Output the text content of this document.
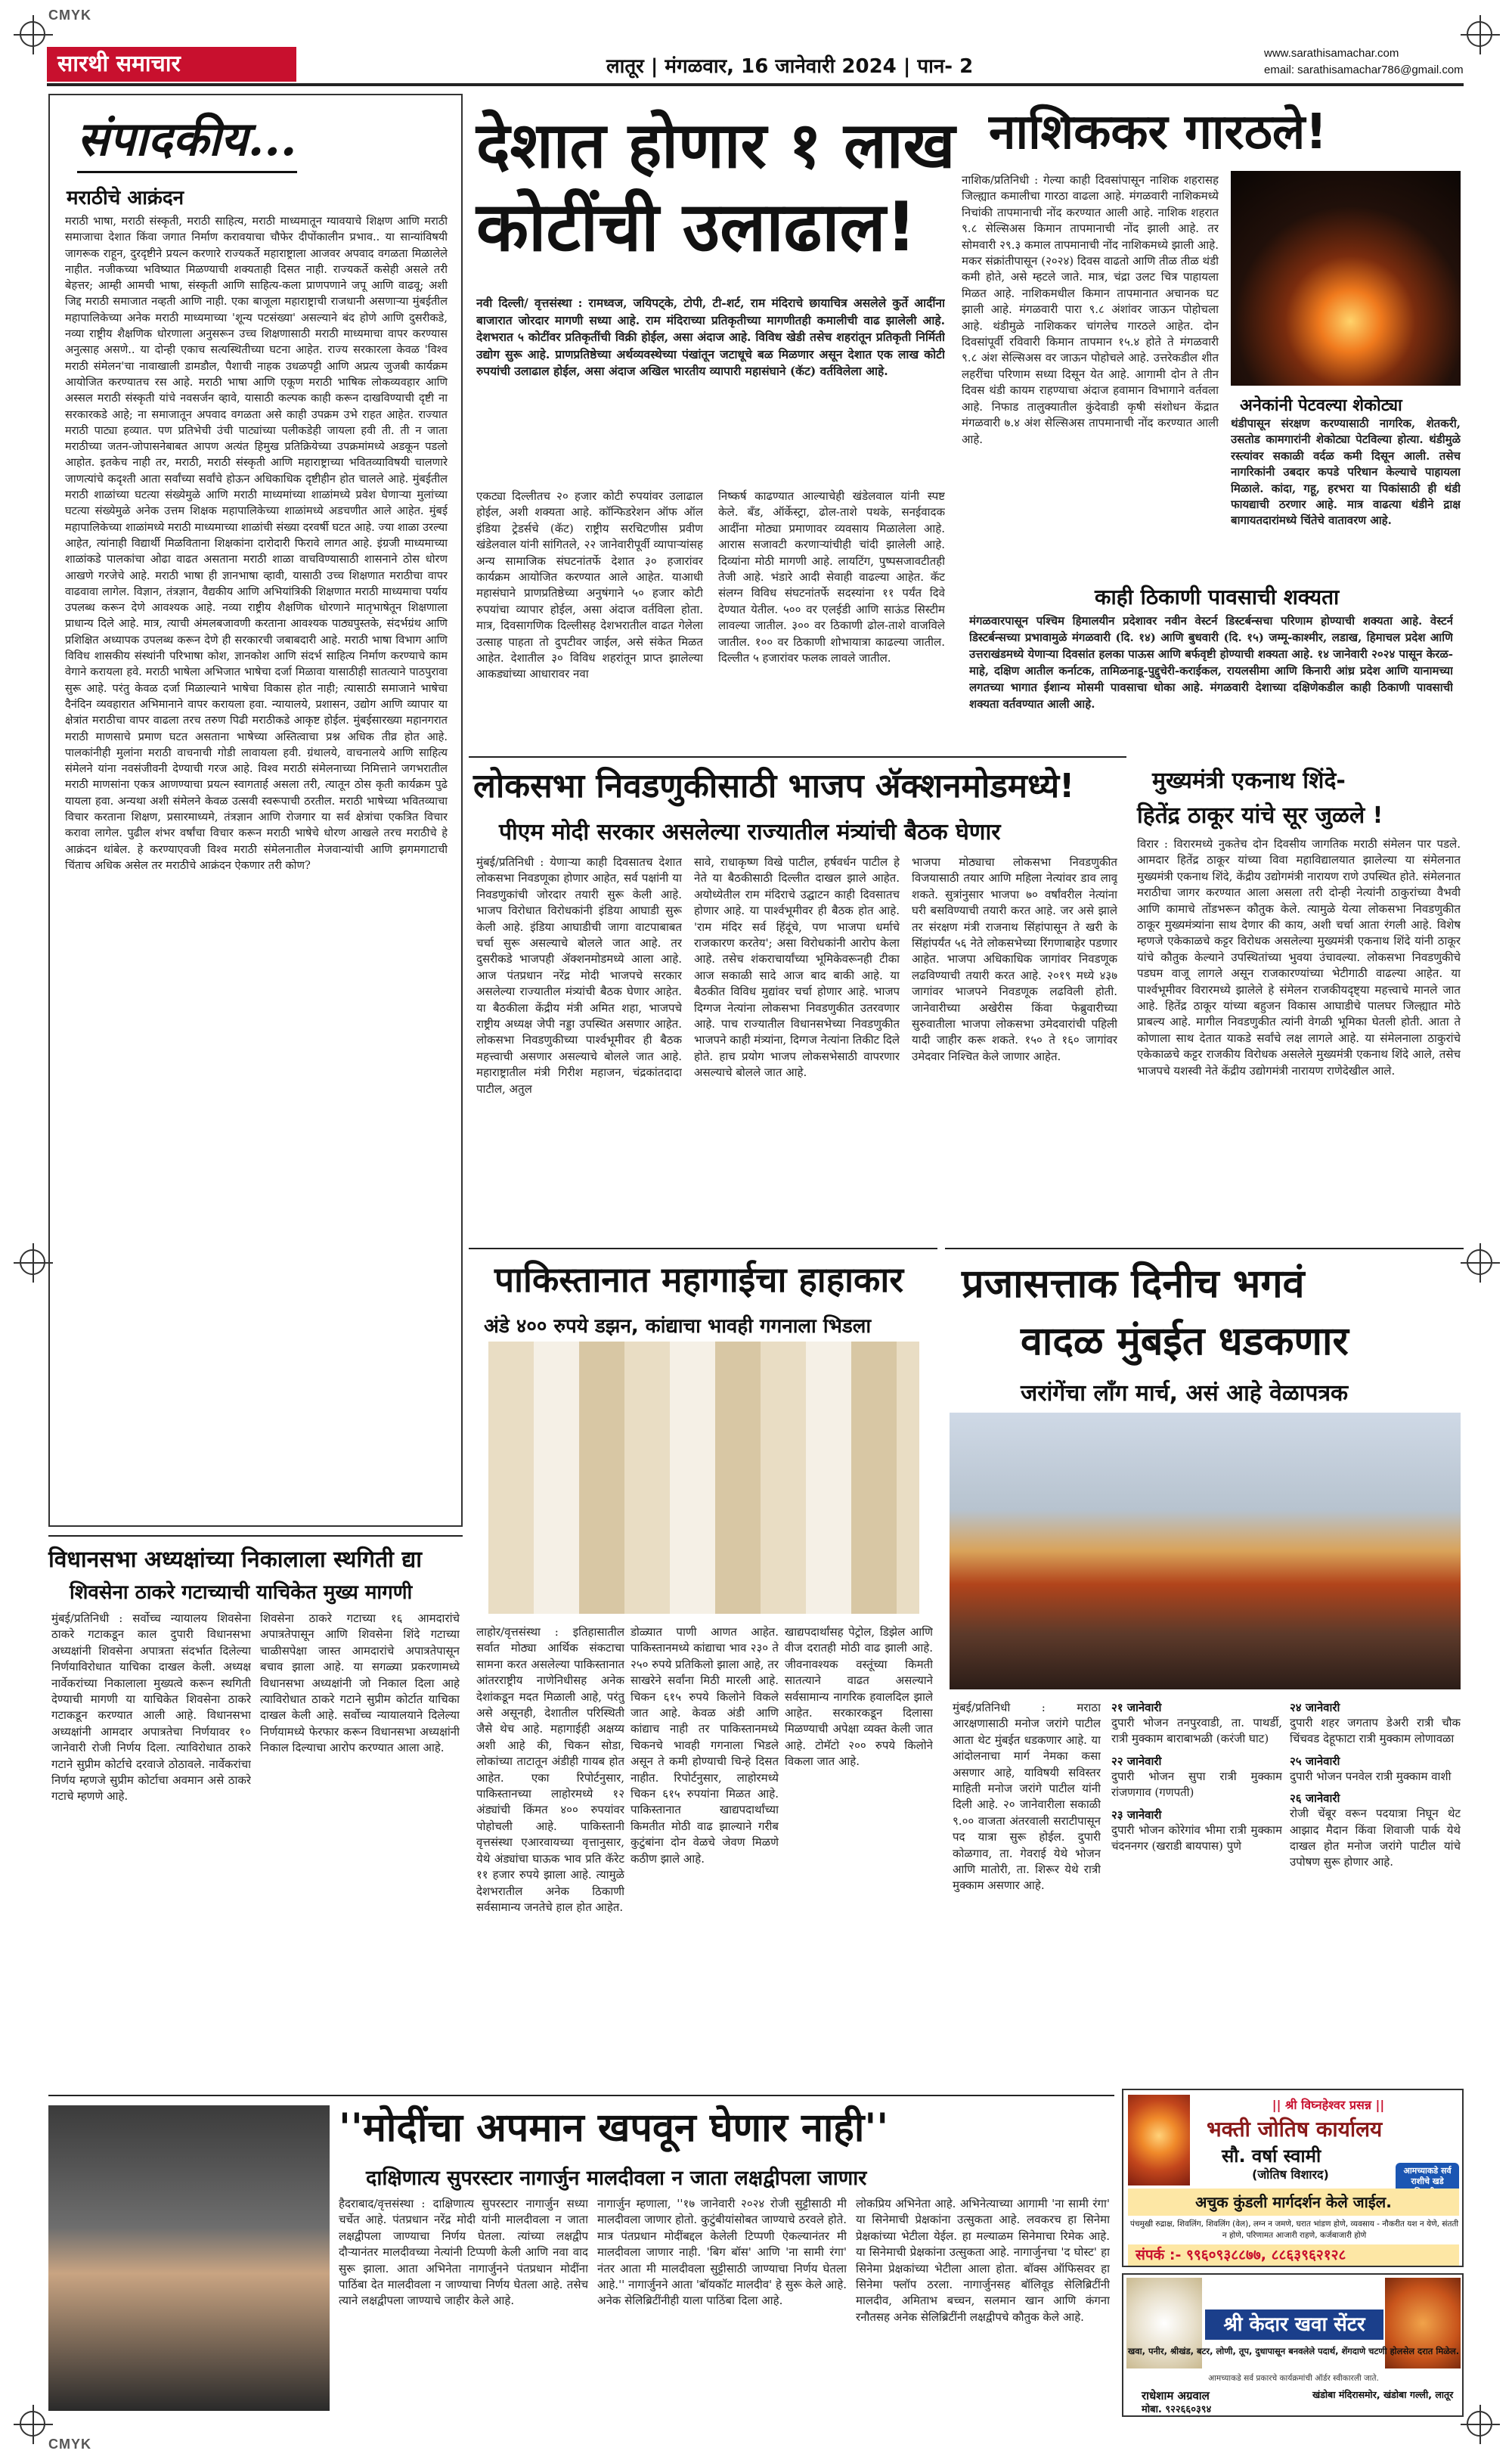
CMYK
CMYK
सारथी समाचार	लातूर | मंगळवार, 16 जानेवारी 2024 | पान- 2
www.sarathisamachar.com
email: sarathisamachar786@gmail.com
संपादकीय...
मराठीचे आक्रंदन
मराठी भाषा, मराठी संस्कृती, मराठी साहित्य, मराठी माध्यमातून ग्यावयाचे शिक्षण आणि मराठी समाजाचा देशात किंवा जगात निर्माण करावयाचा चौफेर दीपोंकालीन प्रभाव.. या सान्यांविषयी जागरूक राहून, दुरदृष्टीने प्रयत्न करणारे राज्यकर्ते महाराष्ट्राला आजवर अपवाद वगळता मिळालेले नाहीत. नजीकच्या भविष्यात मिळण्याची शक्यताही दिसत नाही. राज्यकर्ते कसेही असले तरी बेहत्तर; आम्ही आमची भाषा, संस्कृती आणि साहित्य-कला प्राणपणाने जपू आणि वाढवू; अशी जिद्द मराठी समाजात नव्हती आणि नाही. एका बाजूला महाराष्ट्राची राजधानी असणाऱ्या मुंबईतील महापालिकेच्या अनेक मराठी माध्यमाच्या 'शून्य पटसंख्या' असल्याने बंद होणे आणि दुसरीकडे, नव्या राष्ट्रीय शैक्षणिक धोरणाला अनुसरून उच्च शिक्षणासाठी मराठी माध्यमाचा वापर करण्यास अनुत्साह असणे.. या दोन्ही एकाच सत्यस्थितीच्या घटना आहेत. राज्य सरकारला केवळ 'विश्व मराठी संमेलन'चा नावाखाली डामडौल, पैशाची नाहक उधळपट्टी आणि अप्रत्य जुजबी कार्यक्रम आयोजित करण्यातच रस आहे. मराठी भाषा आणि एकूण मराठी भाषिक लोकव्यवहार आणि अस्सल मराठी संस्कृती यांचे नवसर्जन व्हावे, यासाठी कल्पक काही करून दाखविण्याची दृष्टी ना सरकारकडे आहे; ना समाजातून अपवाद वगळता असे काही उपक्रम उभे राहत आहेत. राज्यात मराठी पाट्या हव्यात. पण प्रतिभेची उंची पाट्यांच्या पलीकडेही जायला हवी ती. ती न जाता मराठीच्या जतन-जोपासनेबाबत आपण अत्यंत हिमुख प्रतिक्रियेच्या उपक्रमांमध्ये अडकून पडलो आहोत. इतकेच नाही तर, मराठी, मराठी संस्कृती आणि महाराष्ट्राच्या भवितव्याविषयी चालणारे जाणत्यांचे कदृश्ती आता सर्वांच्या सर्वांचे होऊन अधिकाधिक दृष्टीहीन होत चालले आहे. मुंबईतील मराठी शाळांच्या घटत्या संख्येमुळे आणि मराठी माध्यमांच्या शाळांमध्ये प्रवेश घेणाऱ्या मुलांच्या घटत्या संख्येमुळे अनेक उत्तम शिक्षक महापालिकेच्या शाळांमध्ये अडचणीत आले आहेत. मुंबई महापालिकेच्या शाळांमध्ये मराठी माध्यमाच्या शाळांची संख्या दरवर्षी घटत आहे. ज्या शाळा उरल्या आहेत, त्यांनाही विद्यार्थी मिळविताना शिक्षकांना दारोदारी फिरावे लागत आहे. इंग्रजी माध्यमाच्या शाळांकडे पालकांचा ओढा वाढत असताना मराठी शाळा वाचविण्यासाठी शासनाने ठोस धोरण आखणे गरजेचे आहे. मराठी भाषा ही ज्ञानभाषा व्हावी, यासाठी उच्च शिक्षणात मराठीचा वापर वाढवावा लागेल. विज्ञान, तंत्रज्ञान, वैद्यकीय आणि अभियांत्रिकी शिक्षणात मराठी माध्यमाचा पर्याय उपलब्ध करून देणे आवश्यक आहे. नव्या राष्ट्रीय शैक्षणिक धोरणाने मातृभाषेतून शिक्षणाला प्राधान्य दिले आहे. मात्र, त्याची अंमलबजावणी करताना आवश्यक पाठ्यपुस्तके, संदर्भग्रंथ आणि प्रशिक्षित अध्यापक उपलब्ध करून देणे ही सरकारची जबाबदारी आहे. मराठी भाषा विभाग आणि विविध शासकीय संस्थांनी परिभाषा कोश, ज्ञानकोश आणि संदर्भ साहित्य निर्माण करण्याचे काम वेगाने करायला हवे. मराठी भाषेला अभिजात भाषेचा दर्जा मिळावा यासाठीही सातत्याने पाठपुरावा सुरू आहे. परंतु केवळ दर्जा मिळाल्याने भाषेचा विकास होत नाही; त्यासाठी समाजाने भाषेचा दैनंदिन व्यवहारात अभिमानाने वापर करायला हवा. न्यायालये, प्रशासन, उद्योग आणि व्यापार या क्षेत्रांत मराठीचा वापर वाढला तरच तरुण पिढी मराठीकडे आकृष्ट होईल. मुंबईसारख्या महानगरात मराठी माणसाचे प्रमाण घटत असताना भाषेच्या अस्तित्वाचा प्रश्न अधिक तीव्र होत आहे. पालकांनीही मुलांना मराठी वाचनाची गोडी लावायला हवी. ग्रंथालये, वाचनालये आणि साहित्य संमेलने यांना नवसंजीवनी देण्याची गरज आहे. विश्व मराठी संमेलनाच्या निमित्ताने जगभरातील मराठी माणसांना एकत्र आणण्याचा प्रयत्न स्वागतार्ह असला तरी, त्यातून ठोस कृती कार्यक्रम पुढे यायला हवा. अन्यथा अशी संमेलने केवळ उत्सवी स्वरूपाची ठरतील. मराठी भाषेच्या भवितव्याचा विचार करताना शिक्षण, प्रसारमाध्यमे, तंत्रज्ञान आणि रोजगार या सर्व क्षेत्रांचा एकत्रित विचार करावा लागेल. पुढील शंभर वर्षांचा विचार करून मराठी भाषेचे धोरण आखले तरच मराठीचे हे आक्रंदन थांबेल. हे करण्याएवजी विश्व मराठी संमेलनातील मेजवान्यांची आणि झगमगाटाची चिंताच अधिक असेल तर मराठीचे आक्रंदन ऐकणार तरी कोण?
देशात होणार १ लाख
कोटींची उलाढाल!
नवी दिल्ली/ वृत्तसंस्था : रामध्वज, जयिपट्के, टोपी, टी-शर्ट, राम मंदिराचे छायाचित्र असलेले कुर्ते आदींना बाजारात जोरदार मागणी सध्या आहे. राम मंदिराच्या प्रतिकृतीच्या मागणीतही कमालीची वाढ झालेली आहे. देशभरात ५ कोटींवर प्रतिकृतींची विक्री होईल, असा अंदाज आहे. विविध खेडी तसेच शहरांतून प्रतिकृती निर्मिती उद्योग सुरू आहे. प्राणप्रतिष्ठेच्या अर्थव्यवस्थेच्या पंखांतून जटाधूचे बळ मिळणार असून देशात एक लाख कोटी रुपयांची उलाढाल होईल, असा अंदाज अखिल भारतीय व्यापारी महासंघाने (कॅट) वर्तविलेला आहे.
एकट्या दिल्लीतच २० हजार कोटी रुपयांवर उलाढाल होईल, अशी शक्यता आहे. कॉन्फिडरेशन ऑफ ऑल इंडिया ट्रेडर्सचे (कॅट) राष्ट्रीय सरचिटणीस प्रवीण खंडेलवाल यांनी सांगितले, २२ जानेवारीपूर्वी व्यापाऱ्यांसह अन्य सामाजिक संघटनांतर्फे देशात ३० हजारांवर कार्यक्रम आयोजित करण्यात आले आहेत. याआधी महासंघाने प्राणप्रतिष्ठेच्या अनुषंगाने ५० हजार कोटी रुपयांचा व्यापार होईल, असा अंदाज वर्तविला होता. मात्र, दिवसागणिक दिल्लीसह देशभरातील वाढत गेलेला उत्साह पाहता तो दुपटीवर जाईल, असे संकेत मिळत आहेत. देशातील ३० विविध शहरांतून प्राप्त झालेल्या आकड्यांच्या आधारावर नवा
निष्कर्ष काढण्यात आल्याचेही खंडेलवाल यांनी स्पष्ट केले. बँड, ऑर्केस्ट्रा, ढोल-ताशे पथके, सनईवादक आदींना मोठ्या प्रमाणावर व्यवसाय मिळालेला आहे. आरास सजावटी करणाऱ्यांचीही चांदी झालेली आहे. दिव्यांना मोठी मागणी आहे. लायटिंग, पुष्पसजावटीतही तेजी आहे. भंडारे आदी सेवाही वाढल्या आहेत. कॅट संलग्न विविध संघटनांतर्फे सदस्यांना ११ पर्यंत दिवे देण्यात येतील. ५०० वर एलईडी आणि साऊंड सिस्टीम लावल्या जातील. ३०० वर ठिकाणी ढोल-ताशे वाजविले जातील. १०० वर ठिकाणी शोभायात्रा काढल्या जातील. दिल्लीत ५ हजारांवर फलक लावले जातील.
नाशिककर गारठले!
नाशिक/प्रतिनिधी : गेल्या काही दिवसांपासून नाशिक शहरासह जिल्ह्यात कमालीचा गारठा वाढला आहे. मंगळवारी नाशिकमध्ये निचांकी तापमानाची नोंद करण्यात आली आहे. नाशिक शहरात ९.८ सेल्सिअस किमान तापमानाची नोंद झाली आहे. तर सोमवारी २९.३ कमाल तापमानाची नोंद नाशिकमध्ये झाली आहे. मकर संक्रांतीपासून (२०२४) दिवस वाढतो आणि तीळ तीळ थंडी कमी होते, असे म्हटले जाते. मात्र, चंद्रा उलट चित्र पाहायला मिळत आहे. नाशिकमधील किमान तापमानात अचानक घट झाली आहे. मंगळवारी पारा ९.८ अंशांवर जाऊन पोहोचला आहे. थंडीमुळे नाशिककर चांगलेच गारठले आहेत. दोन दिवसांपूर्वी रविवारी किमान तापमान १५.४ होते ते मंगळवारी ९.८ अंश सेल्सिअस वर जाऊन पोहोचले आहे. उत्तरेकडील शीत लहरींचा परिणाम सध्या दिसून येत आहे. आगामी दोन ते तीन दिवस थंडी कायम राहण्याचा अंदाज हवामान विभागाने वर्तवला आहे. निफाड तालुक्यातील कुंदेवाडी कृषी संशोधन केंद्रात मंगळवारी ७.४ अंश सेल्सिअस तापमानाची नोंद करण्यात आली आहे.
अनेकांनी पेटवल्या शेकोट्या
थंडीपासून संरक्षण करण्यासाठी नागरिक, शेतकरी, उसतोड कामगारांनी शेकोट्या पेटविल्या होत्या. थंडीमुळे रस्त्यांवर सकाळी वर्दळ कमी दिसून आली. तसेच नागरिकांनी उबदार कपडे परिधान केल्याचे पाहायला मिळाले. कांदा, गहू, हरभरा या पिकांसाठी ही थंडी फायद्याची ठरणार आहे. मात्र वाढत्या थंडीने द्राक्ष बागायतदारांमध्ये चिंतेचे वातावरण आहे.
काही ठिकाणी पावसाची शक्यता
मंगळवारपासून पश्चिम हिमालयीन प्रदेशावर नवीन वेस्टर्न डिस्टर्बन्सचा परिणाम होण्याची शक्यता आहे. वेस्टर्न डिस्टर्बन्सच्या प्रभावामुळे मंगळवारी (दि. १४) आणि बुधवारी (दि. १५) जम्मू-काश्मीर, लडाख, हिमाचल प्रदेश आणि उत्तराखंडमध्ये येणाऱ्या दिवसांत हलका पाऊस आणि बर्फवृष्टी होण्याची शक्यता आहे. १४ जानेवारी २०२४ पासून केरळ-माहे, दक्षिण आतील कर्नाटक, तामिळनाडू-पुद्दुचेरी-कराईकल, रायलसीमा आणि किनारी आंध्र प्रदेश आणि यानामच्या लगतच्या भागात ईशान्य मोसमी पावसाचा धोका आहे. मंगळवारी देशाच्या दक्षिणेकडील काही ठिकाणी पावसाची शक्यता वर्तवण्यात आली आहे.
लोकसभा निवडणुकीसाठी भाजप ॲक्शनमोडमध्ये!
पीएम मोदी सरकार असलेल्या राज्यातील मंत्र्यांची बैठक घेणार
मुंबई/प्रतिनिधी : येणाऱ्या काही दिवसातच देशात लोकसभा निवडणूका होणार आहेत, सर्व पक्षांनी या निवडणुकांची जोरदार तयारी सुरू केली आहे. भाजप विरोधात विरोधकांनी इंडिया आघाडी सुरू केली आहे. इंडिया आघाडीची जागा वाटपाबाबत चर्चा सुरू असल्याचे बोलले जात आहे. तर दुसरीकडे भाजपही ॲक्शनमोडमध्ये आला आहे. आज पंतप्रधान नरेंद्र मोदी भाजपचे सरकार असलेल्या राज्यातील मंत्र्यांची बैठक घेणार आहेत. या बैठकीला केंद्रीय मंत्री अमित शहा, भाजपचे राष्ट्रीय अध्यक्ष जेपी नड्डा उपस्थित असणार आहेत. लोकसभा निवडणुकीच्या पार्श्वभूमीवर ही बैठक महत्त्वाची असणार असल्याचे बोलले जात आहे. महाराष्ट्रातील मंत्री गिरीश महाजन, चंद्रकांतदादा पाटील, अतुल
सावे, राधाकृष्ण विखे पाटील, हर्षवर्धन पाटील हे नेते या बैठकीसाठी दिल्लीत दाखल झाले आहेत. अयोध्येतील राम मंदिराचे उद्घाटन काही दिवसातच होणार आहे. या पार्श्वभूमीवर ही बैठक होत आहे. 'राम मंदिर सर्व हिंदूंचे, पण भाजपा धर्माचे राजकारण करतेय'; असा विरोधकांनी आरोप केला आहे. तसेच शंकराचार्यांच्या भूमिकेवरूनही टीका आज सकाळी सादे आज बाद बाकी आहे. या बैठकीत विविध मुद्यांवर चर्चा होणार आहे. भाजप दिग्गज नेत्यांना लोकसभा निवडणुकीत उतरवणार आहे. पाच राज्यातील विधानसभेच्या निवडणुकीत भाजपने काही मंत्र्यांना, दिग्गज नेत्यांना तिकीट दिले होते. हाच प्रयोग भाजप लोकसभेसाठी वापरणार असल्याचे बोलले जात आहे.
भाजपा मोठ्याचा लोकसभा निवडणुकीत विजयासाठी तयार आणि महिला नेत्यांवर डाव लावू शकते. सुत्रांनुसार भाजपा ७० वर्षांवरील नेत्यांना घरी बसविण्याची तयारी करत आहे. जर असे झाले तर संरक्षण मंत्री राजनाथ सिंहांपासून ते खरी के सिंहांपर्यंत ५६ नेते लोकसभेच्या रिंगणाबाहेर पडणार आहेत. भाजपा अधिकाधिक जागांवर निवडणूक लढविण्याची तयारी करत आहे. २०१९ मध्ये ४३७ जागांवर भाजपने निवडणूक लढविली होती. जानेवारीच्या अखेरीस किंवा फेब्रुवारीच्या सुरुवातीला भाजपा लोकसभा उमेदवारांची पहिली यादी जाहीर करू शकते. १५० ते १६० जागांवर उमेदवार निश्चित केले जाणार आहेत.
मुख्यमंत्री एकनाथ शिंदे-
हितेंद्र ठाकूर यांचे सूर जुळले !
विरार : विरारमध्ये नुकतेच दोन दिवसीय जागतिक मराठी संमेलन पार पडले. आमदार हितेंद्र ठाकूर यांच्या विवा महाविद्यालयात झालेल्या या संमेलनात मुख्यमंत्री एकनाथ शिंदे, केंद्रीय उद्योगमंत्री नारायण राणे उपस्थित होते. संमेलनात मराठीचा जागर करण्यात आला असला तरी दोन्ही नेत्यांनी ठाकुरांच्या वैभवी आणि कामाचे तोंडभरून कौतुक केले. त्यामुळे येत्या लोकसभा निवडणुकीत ठाकूर मुख्यमंत्र्यांना साथ देणार की काय, अशी चर्चा आता रंगली आहे. विशेष म्हणजे एकेकाळचे कट्टर विरोधक असलेल्या मुख्यमंत्री एकनाथ शिंदे यांनी ठाकूर यांचे कौतुक केल्याने उपस्थितांच्या भुवया उंचावल्या. लोकसभा निवडणुकीचे पडघम वाजू लागले असून राजकारण्यांच्या भेटीगाठी वाढल्या आहेत. या पार्श्वभूमीवर विरारमध्ये झालेले हे संमेलन राजकीयदृष्ट्या महत्त्वाचे मानले जात आहे. हितेंद्र ठाकूर यांच्या बहुजन विकास आघाडीचे पालघर जिल्ह्यात मोठे प्राबल्य आहे. मागील निवडणुकीत त्यांनी वेगळी भूमिका घेतली होती. आता ते कोणाला साथ देतात याकडे सर्वांचे लक्ष लागले आहे. या संमेलनाला ठाकुरांचे एकेकाळचे कट्टर राजकीय विरोधक असलेले मुख्यमंत्री एकनाथ शिंदे आले, तसेच भाजपचे यशस्वी नेते केंद्रीय उद्योगमंत्री नारायण राणेदेखील आले.
पाकिस्तानात महागाईचा हाहाकार
अंडे ४०० रुपये डझन, कांद्याचा भावही गगनाला भिडला
लाहोर/वृत्तसंस्था : इतिहासातील सर्वात मोठ्या आर्थिक संकटाचा सामना करत असलेल्या पाकिस्तानात आंतरराष्ट्रीय नाणेनिधीसह अनेक देशांकडून मदत मिळाली आहे, परंतु असे असूनही, देशातील परिस्थिती जैसे थेच आहे. महागाईही अक्षय्य अशी आहे की, चिकन सोडा, लोकांच्या ताटातून अंडीही गायब होत आहेत. एका रिपोर्टनुसार, पाकिस्तानच्या लाहोरमध्ये १२ अंड्यांची किंमत ४०० रुपयांवर पोहोचली आहे. पाकिस्तानी वृत्तसंस्था एआरवायच्या वृत्तानुसार, येथे अंड्यांचा घाऊक भाव प्रति कॅरेट ११ हजार रुपये झाला आहे. त्यामुळे देशभरातील अनेक ठिकाणी सर्वसामान्य जनतेचे हाल होत आहेत.
डोळ्यात पाणी आणत आहेत. पाकिस्तानमध्ये कांद्याचा भाव २३० ते २५० रुपये प्रतिकिलो झाला आहे, तर साखरेने सर्वांना मिठी मारली आहे. चिकन ६१५ रुपये किलोने विकले जात आहे. केवळ अंडी आणि कांद्याच नाही तर पाकिस्तानमध्ये चिकनचे भावही गगनाला भिडले असून ते कमी होण्याची चिन्हे दिसत नाहीत. रिपोर्टनुसार, लाहोरमध्ये चिकन ६१५ रुपयांना मिळत आहे. पाकिस्तानात खाद्यपदार्थांच्या किमतीत मोठी वाढ झाल्याने गरीब कुटुंबांना दोन वेळचे जेवण मिळणे कठीण झाले आहे.
खाद्यपदार्थांसह पेट्रोल, डिझेल आणि वीज दरातही मोठी वाढ झाली आहे. जीवनावश्यक वस्तूंच्या किमती सातत्याने वाढत असल्याने सर्वसामान्य नागरिक हवालदिल झाले आहेत. सरकारकडून दिलासा मिळण्याची अपेक्षा व्यक्त केली जात आहे. टोमॅटो २०० रुपये किलोने विकला जात आहे.
प्रजासत्ताक दिनीच भगवं
वादळ मुंबईत धडकणार
जरांगेंचा लाँग मार्च, असं आहे वेळापत्रक
मुंबई/प्रतिनिधी : मराठा आरक्षणासाठी मनोज जरांगे पाटील आता थेट मुंबईत धडकणार आहे. या आंदोलनाचा मार्ग नेमका कसा असणार आहे, याविषयी सविस्तर माहिती मनोज जरांगे पाटील यांनी दिली आहे. २० जानेवारीला सकाळी ९.०० वाजता अंतरवाली सराटीपासून पद यात्रा सुरू होईल. दुपारी कोळगाव, ता. गेवराई येथे भोजन आणि मातोरी, ता. शिरूर येथे रात्री मुक्काम असणार आहे.
२१ जानेवारी
दुपारी भोजन तनपुरवाडी, ता. पाथर्डी, रात्री मुक्काम बाराबाभळी (करंजी घाट)
२२ जानेवारी
दुपारी भोजन सुपा रात्री मुक्काम रांजणगाव (गणपती)
२३ जानेवारी
दुपारी भोजन कोरेगांव भीमा रात्री मुक्काम चंदननगर (खराडी बायपास) पुणे
२४ जानेवारी
दुपारी शहर जगताप डेअरी रात्री चौक चिंचवड देहूफाटा रात्री मुक्काम लोणावळा
२५ जानेवारी
दुपारी भोजन पनवेल रात्री मुक्काम वाशी
२६ जानेवारी
रोजी चेंबूर वरून पदयात्रा निघून थेट आझाद मैदान किंवा शिवाजी पार्क येथे दाखल होत मनोज जरांगे पाटील यांचे उपोषण सुरू होणार आहे.
विधानसभा अध्यक्षांच्या निकालाला स्थगिती द्या
शिवसेना ठाकरे गटाच्याची याचिकेत मुख्य मागणी
मुंबई/प्रतिनिधी : सर्वोच्च न्यायालय शिवसेना ठाकरे गटाकडून काल दुपारी विधानसभा अध्यक्षांनी शिवसेना अपात्रता संदर्भात दिलेल्या निर्णयाविरोधात याचिका दाखल केली. अध्यक्ष नार्वेकरांच्या निकालाला मुख्यत्वे करून स्थगिती देण्याची मागणी या याचिकेत शिवसेना ठाकरे गटाकडून करण्यात आली आहे. विधानसभा अध्यक्षांनी आमदार अपात्रतेचा निर्णयावर १० जानेवारी रोजी निर्णय दिला. त्याविरोधात ठाकरे गटाने सुप्रीम कोर्टाचे दरवाजे ठोठावले. नार्वेकरांचा निर्णय म्हणजे सुप्रीम कोर्टाचा अवमान असे ठाकरे गटाचे म्हणणे आहे.
शिवसेना ठाकरे गटाच्या १६ आमदारांचे अपात्रतेपासून आणि शिवसेना शिंदे गटाच्या चाळीसपेक्षा जास्त आमदारांचे अपात्रतेपासून बचाव झाला आहे. या सगळ्या प्रकरणामध्ये विधानसभा अध्यक्षांनी जो निकाल दिला आहे त्याविरोधात ठाकरे गटाने सुप्रीम कोर्टात याचिका दाखल केली आहे. सर्वोच्च न्यायालयाने दिलेल्या निर्णयामध्ये फेरफार करून विधानसभा अध्यक्षांनी निकाल दिल्याचा आरोप करण्यात आला आहे.
''मोदींचा अपमान खपवून घेणार नाही''
दाक्षिणात्य सुपरस्टार नागार्जुन मालदीवला न जाता लक्षद्वीपला जाणार
हैदराबाद/वृत्तसंस्था : दाक्षिणात्य सुपरस्टार नागार्जुन सध्या चर्चेत आहे. पंतप्रधान नरेंद्र मोदी यांनी मालदीवला न जाता लक्षद्वीपला जाण्याचा निर्णय घेतला. त्यांच्या लक्षद्वीप दौऱ्यानंतर मालदीवच्या नेत्यांनी टिप्पणी केली आणि नवा वाद सुरू झाला. आता अभिनेता नागार्जुनने पंतप्रधान मोदींना पाठिंबा देत मालदीवला न जाण्याचा निर्णय घेतला आहे. तसेच त्याने लक्षद्वीपला जाण्याचे जाहीर केले आहे.
नागार्जुन म्हणाला, ''१७ जानेवारी २०२४ रोजी सुट्टीसाठी मी मालदीवला जाणार होतो. कुटुंबीयांसोबत जाण्याचे ठरवले होते. मात्र पंतप्रधान मोदींबद्दल केलेली टिप्पणी ऐकल्यानंतर मी मालदीवला जाणार नाही. 'बिग बॉस' आणि 'ना सामी रंगा' नंतर आता मी मालदीवला सुट्टीसाठी जाण्याचा निर्णय घेतला आहे.'' नागार्जुनने आता 'बॉयकॉट मालदीव' हे सुरू केले आहे. अनेक सेलिब्रिटींनीही याला पाठिंबा दिला आहे.
लोकप्रिय अभिनेता आहे. अभिनेत्याच्या आगामी 'ना सामी रंगा' या सिनेमाची प्रेक्षकांना उत्सुकता आहे. लवकरच हा सिनेमा प्रेक्षकांच्या भेटीला येईल. हा मल्याळम सिनेमाचा रिमेक आहे. या सिनेमाची प्रेक्षकांना उत्सुकता आहे. नागार्जुनचा 'द घोस्ट' हा सिनेमा प्रेक्षकांच्या भेटीला आला होता. बॉक्स ऑफिसवर हा सिनेमा फ्लॉप ठरला. नागार्जुनसह बॉलिवूड सेलिब्रिटींनी मालदीव, अमिताभ बच्चन, सलमान खान आणि कंगना रनौतसह अनेक सेलिब्रिटींनी लक्षद्वीपचे कौतुक केले आहे.
|| श्री विघ्नहेश्वर प्रसन्न ||
भक्ती जोतिष कार्यालय
सौ. वर्षा स्वामी
(जोतिष विशारद)	आमच्याकडे सर्व राशीचे खडे
अचुक कुंडली मार्गदर्शन केले जाईल.
पंचमुखी रुद्राक्ष, शिवलिंग, शिवलिंग (वेल), लग्न न जमणे, घरात भांडण होणे, व्यवसाय - नौकरीत यश न येणे, संतती न होणे, परिणामत आजारी राहणे, कर्जबाजारी होणे
संपर्क :- ९९६०९३८८७७, ८८६३९६२१२८
श्री केदार खवा सेंटर
खवा, पनीर, श्रीखंड, बटर, लोणी, तूप, दुधापासून बनवलेले पदार्थ, शेंगदाणे चटणी होलसेल दरात मिळेल.
आमच्याकडे सर्व प्रकारचे कार्यक्रमांची ऑर्डर स्वीकारली जाते.
राधेशाम अग्रवाल
मोबा. ९२२६६०३९४
खंडोबा मंदिरासमोर, खंडोबा गल्ली, लातूर
